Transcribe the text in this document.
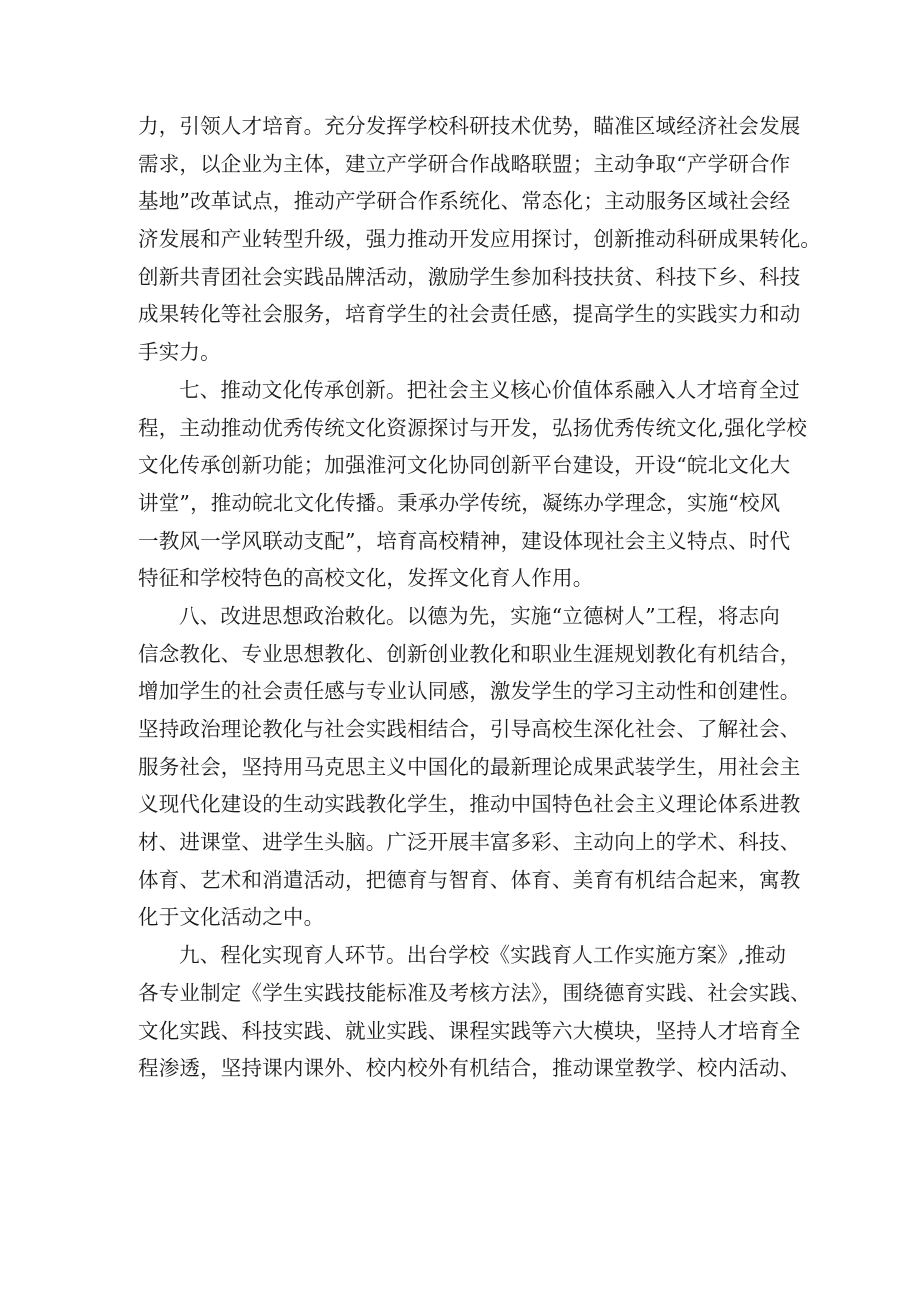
力，引领人才培育。充分发挥学校科研技术优势，瞄准区域经济社会发展
需求，以企业为主体，建立产学研合作战略联盟；主动争取“产学研合作
基地”改革试点，推动产学研合作系统化、常态化；主动服务区域社会经
济发展和产业转型升级，强力推动开发应用探讨，创新推动科研成果转化。
创新共青团社会实践品牌活动，激励学生参加科技扶贫、科技下乡、科技
成果转化等社会服务，培育学生的社会责任感，提高学生的实践实力和动
手实力。
七、推动文化传承创新。把社会主义核心价值体系融入人才培育全过
程，主动推动优秀传统文化资源探讨与开发，弘扬优秀传统文化,强化学校
文化传承创新功能；加强淮河文化协同创新平台建设，开设“皖北文化大
讲堂”，推动皖北文化传播。秉承办学传统，凝练办学理念，实施“校风
一教风一学风联动支配”，培育高校精神，建设体现社会主义特点、时代
特征和学校特色的高校文化，发挥文化育人作用。
八、改进思想政治敕化。以德为先，实施“立德树人”工程，将志向
信念教化、专业思想教化、创新创业教化和职业生涯规划教化有机结合，
增加学生的社会责任感与专业认同感，激发学生的学习主动性和创建性。
坚持政治理论教化与社会实践相结合，引导高校生深化社会、了解社会、
服务社会，坚持用马克思主义中国化的最新理论成果武装学生，用社会主
义现代化建设的生动实践教化学生，推动中国特色社会主义理论体系进教
材、进课堂、进学生头脑。广泛开展丰富多彩、主动向上的学术、科技、
体育、艺术和消遣活动，把德育与智育、体育、美育有机结合起来，寓教
化于文化活动之中。
九、程化实现育人环节。出台学校《实践育人工作实施方案》,推动
各专业制定《学生实践技能标准及考核方法》，围绕德育实践、社会实践、
文化实践、科技实践、就业实践、课程实践等六大模块，坚持人才培育全
程渗透，坚持课内课外、校内校外有机结合，推动课堂教学、校内活动、
